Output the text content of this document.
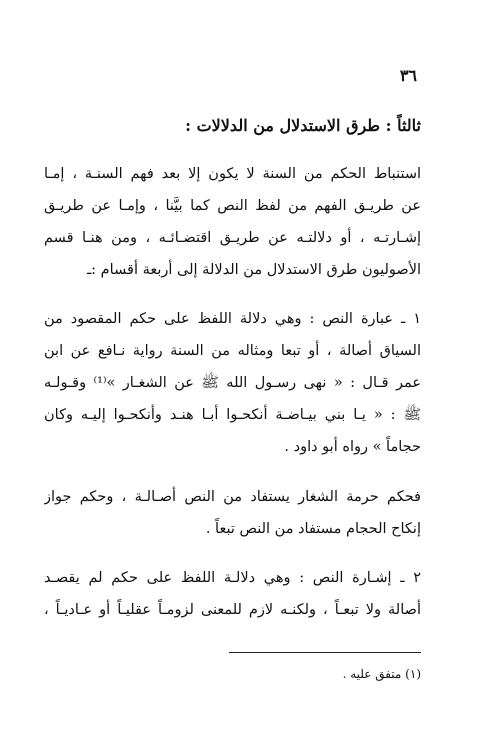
٣٦
ثالثاً : طرق الاستدلال من الدلالات :
استنباط الحكم من السنة لا يكون إلا بعد فهم السنـة ، إمـا
عن طريـق الفهم من لفظ النص كما بيَّنا ، وإمـا عن طريـق
إشـارتـه ، أو دلالتـه عن طريـق اقتضـائـه ، ومن هنـا قسم
الأصوليون طرق الاستدلال من الدلالة إلى أربعة أقسام :ـ
١ ـ عبارة النص : وهي دلالة اللفظ على حكم المقصود من
السياق أصالة ، أو تبعا ومثاله من السنة رواية نـافع عن ابن
عمر قـال : « نهى رسـول الله ﷺ عن الشغـار »⁽¹⁾ وقـولـه
ﷺ : « يـا بني بيـاضـة أنكحـوا أبـا هنـد وأنكحـوا إليـه وكان
حجاماً » رواه أبو داود .
فحكم حرمة الشغار يستفاد من النص أصـالـة ، وحكم جواز
إنكاح الحجام مستفاد من النص تبعاً .
٢ ـ إشـارة النص : وهي دلالـة اللفظ على حكم لم يقصـد
أصالة ولا تبعـاً ، ولكنـه لازم للمعنى لزومـاً عقليـاً أو عـاديـاً ،
(١) متفق عليه .
